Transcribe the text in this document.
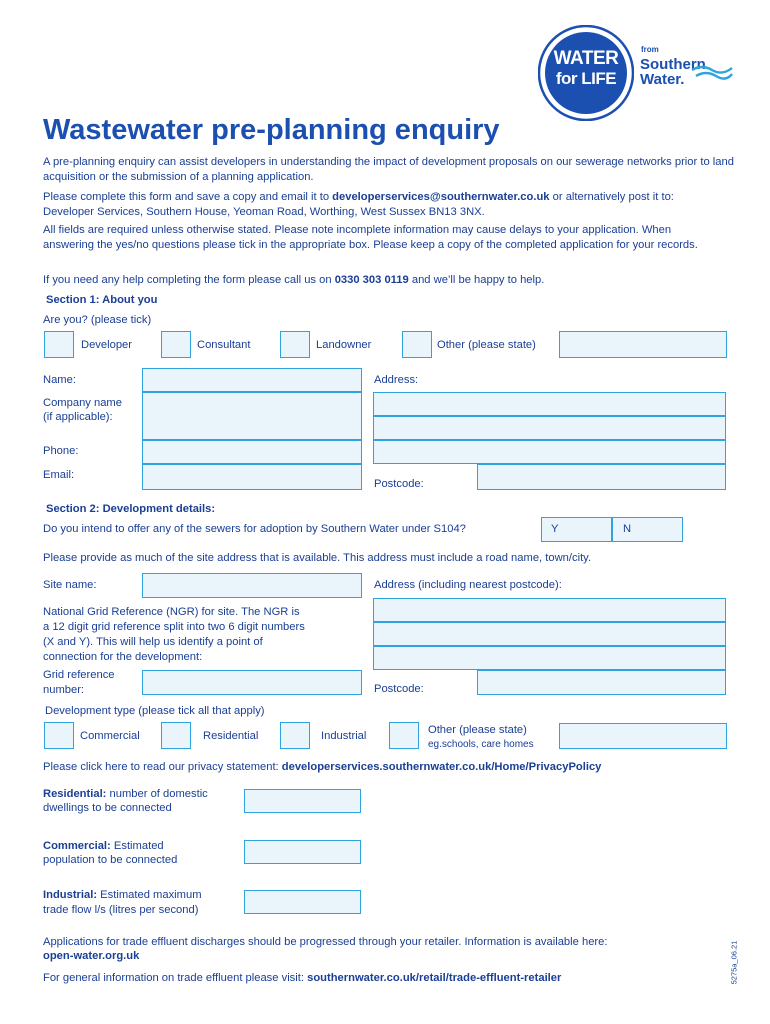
WATER
for LIFE
from
Southern
Water.
Wastewater pre-planning enquiry
A pre-planning enquiry can assist developers in understanding the impact of development proposals on our sewerage networks prior to land acquisition or the submission of a planning application.
Please complete this form and save a copy and email it to developerservices@southernwater.co.uk or alternatively post it to: Developer Services, Southern House, Yeoman Road, Worthing, West Sussex BN13 3NX.
All fields are required unless otherwise stated. Please note incomplete information may cause delays to your application. When answering the yes/no questions please tick in the appropriate box. Please keep a copy of the completed application for your records.
If you need any help completing the form please call us on 0330 303 0119 and we’ll be happy to help.
Section 1: About you
Are you? (please tick)
Developer	Consultant	Landowner	Other (please state)
Name:
Company name
(if applicable):
Phone:
Email:
Address:
Postcode:
Section 2: Development details:
Do you intend to offer any of the sewers for adoption by Southern Water under S104?	Y	N
Please provide as much of the site address that is available. This address must include a road name, town/city.
Site name:	Address (including nearest postcode):
National Grid Reference (NGR) for site. The NGR is
a 12 digit grid reference split into two 6 digit numbers
(X and Y). This will help us identify a point of
connection for the development:
Grid reference
number:	Postcode:
Development type (please tick all that apply)
Commercial	Residential	Industrial	Other (please state)
eg.schools, care homes
Please click here to read our privacy statement: developerservices.southernwater.co.uk/Home/PrivacyPolicy
Residential: number of domestic
dwellings to be connected
Commercial: Estimated
population to be connected
Industrial: Estimated maximum
trade flow l/s (litres per second)
Applications for trade effluent discharges should be progressed through your retailer. Information is available here:
open-water.org.uk
For general information on trade effluent please visit: southernwater.co.uk/retail/trade-effluent-retailer	5275a_06.21
